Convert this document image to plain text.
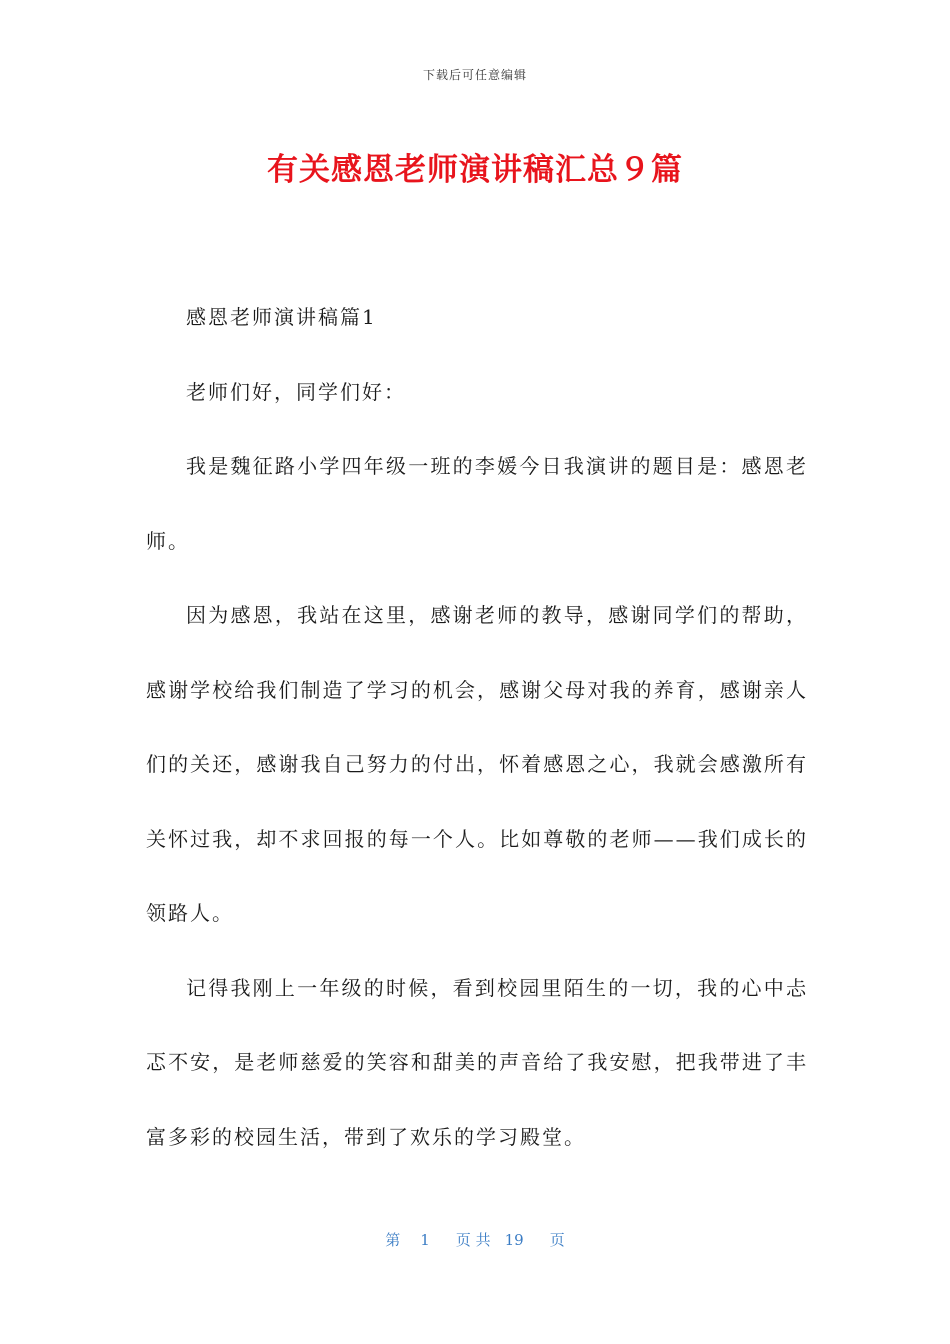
下载后可任意编辑
有关感恩老师演讲稿汇总９篇

感恩老师演讲稿篇1

老师们好，同学们好：

我是魏征路小学四年级一班的李媛今日我演讲的题目是：感恩老师。

因为感恩，我站在这里，感谢老师的教导，感谢同学们的帮助，感谢学校给我们制造了学习的机会，感谢父母对我的养育，感谢亲人们的关还，感谢我自己努力的付出，怀着感恩之心，我就会感激所有关怀过我，却不求回报的每一个人。比如尊敬的老师——我们成长的领路人。

记得我刚上一年级的时候，看到校园里陌生的一切，我的心中忐忑不安，是老师慈爱的笑容和甜美的声音给了我安慰，把我带进了丰富多彩的校园生活，带到了欢乐的学习殿堂。

第 1 页 共 19 页
